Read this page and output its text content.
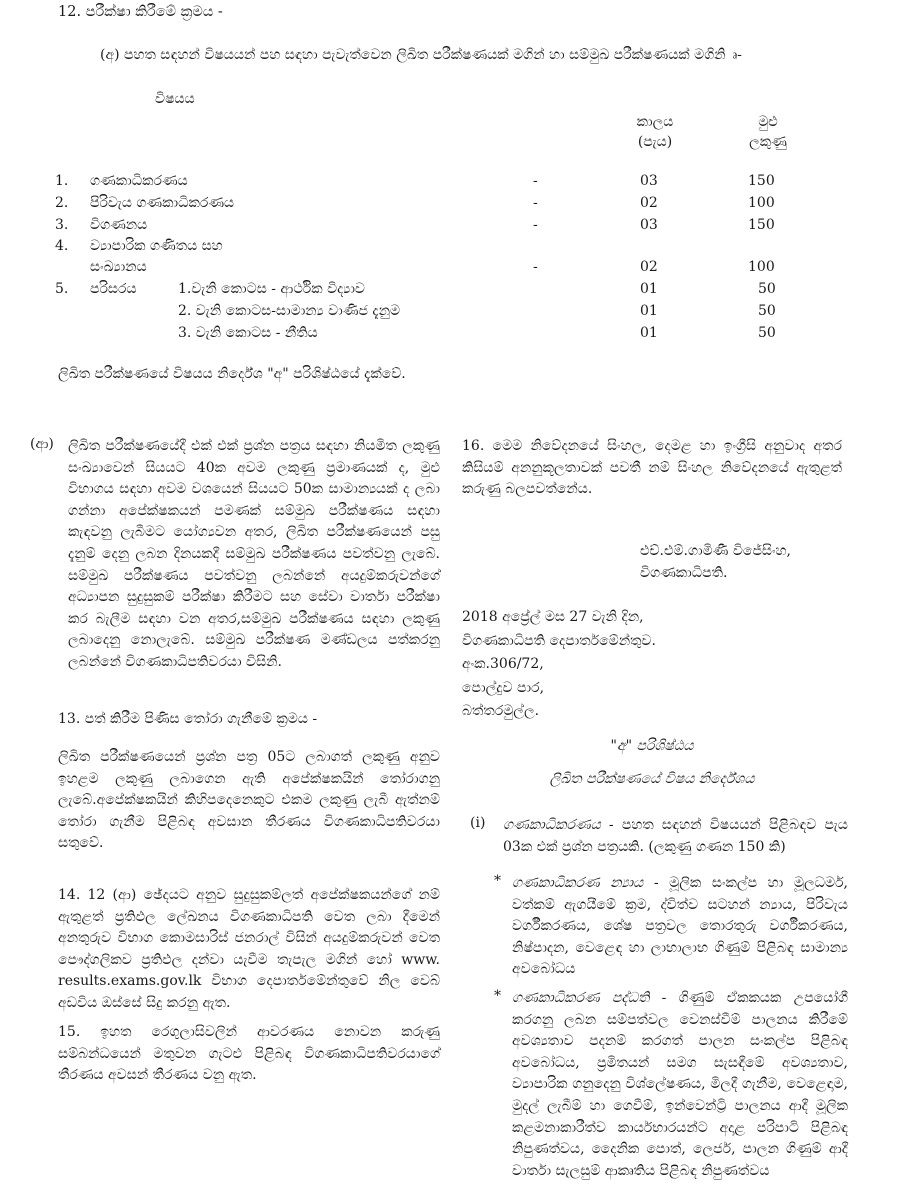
12. පරීක්ෂා කිරීමේ ක්‍රමය -
(අ) පහත සඳහන් විෂයයන් පහ සඳහා පැවැත්වෙන ලිඛිත පරීක්ෂණයක් මගින් හා සම්මුඛ පරීක්ෂණයක් මගිනි ෘ-
විෂයය
කාලය (පැය)
මුළු ලකුණු
1. ගණකාධිකරණය	-	03	150
2. පිරිවැය ගණකාධිකරණය	-	02	100
3. විගණනය	-	03	150
4. ව්‍යාපාරික ගණිතය සහ
සංඛ්‍යානය	-	02	100
5. පරිසරය	1.වැනි කොටස - ආර්ථික විද්‍යාව	01	50
2. වැනි කොටස-සාමාන්‍ය වාණිජ දැනුම	01	50
3. වැනි කොටස - නීතිය	01	50
ලිඛිත පරීක්ෂණයේ විෂයය නිර්දේශ "අ" පරිශිෂ්ඨයේ දැක්වේ.
(ආ) ලිඛිත පරීක්ෂණයේදී එක් එක් ප්‍රශ්න පත්‍රය සඳහා නියමිත ලකුණු සංඛ්‍යාවෙන් සියයට 40ක අවම ලකුණු ප්‍රමාණයක් ද, මුළු විභාගය සඳහා අවම වශයෙන් සියයට 50ක සාමාන්‍යයක් ද ලබා ගන්නා අපේක්ෂකයන් පමණක් සම්මුඛ පරීක්ෂණය සඳහා කැඳවනු ලැබීමට යෝග්‍යවන අතර, ලිඛිත පරීක්ෂණයෙන් පසු දැනුම් දෙනු ලබන දිනයකදී සම්මුඛ පරීක්ෂණය පවත්වනු ලැබේ. සම්මුඛ පරීක්ෂණය පවත්වනු ලබන්නේ අයදුම්කරුවන්ගේ අධ්‍යාපන සුදුසුකම් පරීක්ෂා කිරීමට සහ සේවා වාර්තා පරීක්ෂා කර බැලීම සඳහා වන අතර,සම්මුඛ පරීක්ෂණය සඳහා ලකුණු ලබාදෙනු නොලැබේ. සම්මුඛ පරීක්ෂණ මණ්ඩලය පත්කරනු ලබන්නේ විගණකාධිපතිවරයා විසිනි.
13. පත් කිරීම පිණිස තෝරා ගැනීමේ ක්‍රමය -
ලිඛිත පරීක්ෂණයෙන් ප්‍රශ්න පත්‍ර 05ට ලබාගත් ලකුණු අනුව ඉහළම ලකුණු ලබාගෙන ඇති අපේක්ෂකයින් තෝරාගනු ලැබේ.අපේක්ෂකයින් කිහිපදෙනෙකුට එකම ලකුණු ලැබී ඇත්නම් තෝරා ගැනීම පිළිබඳ අවසාන තීරණය විගණකාධිපතිවරයා සතුවේ.
14. 12 (ආ) ඡේදයට අනුව සුදුසුකම්ලත් අපේක්ෂකයන්ගේ නම් ඇතුළත් ප්‍රතිඵල ලේඛනය විගණකාධිපති වෙත ලබා දීමෙන් අනතුරුව විභාග කොමසාරිස් ජනරාල් විසින් අයදුම්කරුවන් වෙත පෞද්ගලිකව ප්‍රතිඵල දන්වා යැවීම තැපැල මගින් හෝ www. results.exams.gov.lk විභාග දෙපාර්තමේන්තුවේ නිල වෙබ් අඩවිය ඔස්සේ සිදු කරනු ඇත.
15. ඉහත රෙගුලාසිවලින් ආවරණය නොවන කරුණු සම්බන්ධයෙන් මතුවන ගැටළු පිළිබඳ විගණකාධිපතිවරයාගේ තීරණය අවසන් තීරණය වනු ඇත.
16. මෙම නිවේදනයේ සිංහල, දෙමළ හා ඉංග්‍රීසි අනුවාද අතර කිසියම් අනනුකූලතාවක් පවතී නම් සිංහල නිවේදනයේ ඇතුළත් කරුණු බලපවත්නේය.
එච්.එම්.ගාමිණී විජේසිංහ,
විගණකාධිපති.
2018 අප්‍රේල් මස 27 වැනි දින,
විගණකාධිපති දෙපාර්තමේන්තුව.
අංක.306/72,
පොල්දුව පාර,
බත්තරමුල්ල.
"අ" පරිශිෂ්ඨය
ලිඛිත පරීක්ෂණයේ විෂය නිර්දේශය
(i) ගණකාධිකරණය - පහත සඳහන් විෂයයන් පිළිබඳව පැය 03ක එක් ප්‍රශ්න පත්‍රයකි. (ලකුණු ගණන 150 කි)
* ගණකාධිකරණ න්‍යාය - මූලික සංකල්ප හා මූලධර්ම, වත්කම් ඇගයීමේ ක්‍රම, ද්විත්ව සටහන් න්‍යාය, පිරිවැය වර්ගීකරණය, ශේෂ පත්‍රවල තොරතුරු වර්ගීකරණය, නිෂ්පාදන, වෙළෙඳ හා ලාභාලාභ ගිණුම් පිළිබඳ සාමාන්‍ය අවබෝධය
* ගණකාධිකරණ පද්ධති - ගිණුම් ඒකකයක උපයෝගී කරගනු ලබන සම්පත්වල වෙනස්වීම් පාලනය කිරීමේ අවශ්‍යතාව පදනම් කරගත් පාලන සංකල්ප පිළිබඳ අවබෝධය, ප්‍රමිතයන් සමග සැසඳීමේ අවශ්‍යතාව, ව්‍යාපාරික ගනුදෙනු විශ්ලේෂණය, මිලදී ගැනීම, වෙළෙඳාම, මුදල් ලැබීම් හා ගෙවීම්, ඉන්වෙන්ට්‍රි පාලනය ආදී මූලික කළමනාකාරීත්ව කාර්යභාරයන්ට අදාළ පරිපාටි පිළිබඳ නිපුණත්වය, දෛනික පොත්, ලෙජර්, පාලන ගිණුම් ආදී වාර්තා සැලසුම් ආකෘතිය පිළිබඳ නිපුණත්වය
